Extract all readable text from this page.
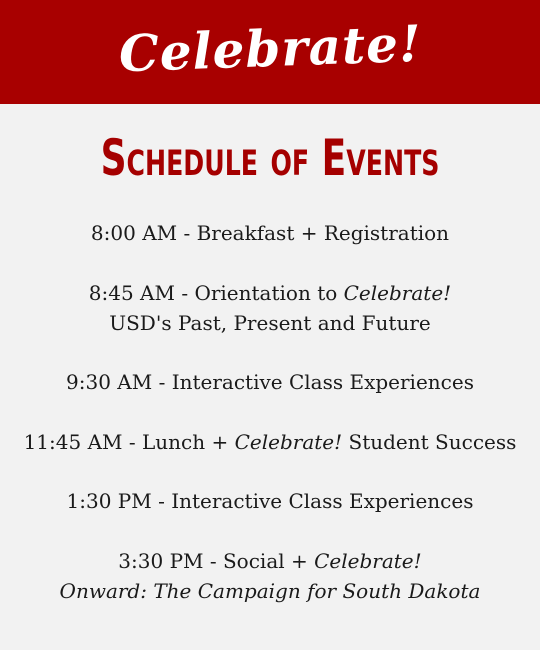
Celebrate!
Schedule of Events
8:00 AM - Breakfast + Registration
8:45 AM - Orientation to Celebrate!
USD's Past, Present and Future
9:30 AM - Interactive Class Experiences
11:45 AM - Lunch + Celebrate! Student Success
1:30 PM - Interactive Class Experiences
3:30 PM - Social + Celebrate!
Onward: The Campaign for South Dakota
